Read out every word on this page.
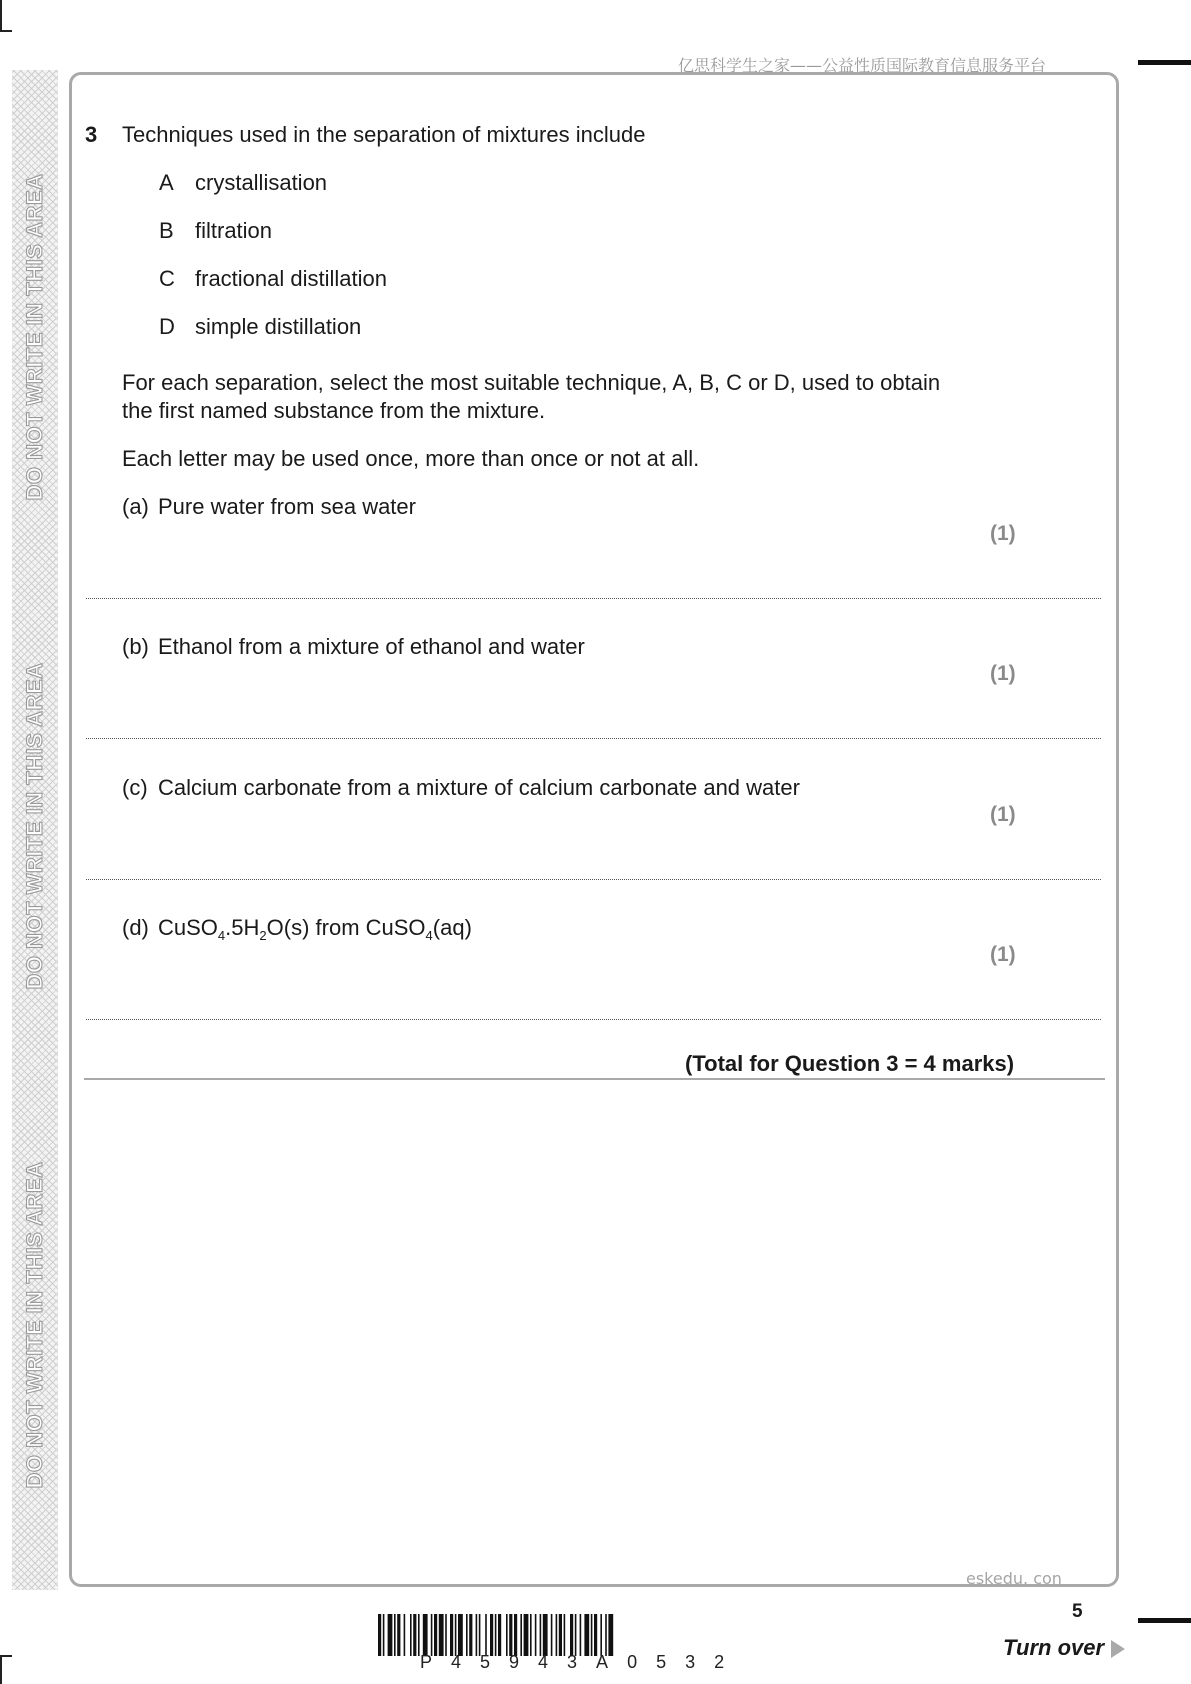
亿思科学生之家——公益性质国际教育信息服务平台
DO NOT WRITE IN THIS AREA
DO NOT WRITE IN THIS AREA
DO NOT WRITE IN THIS AREA
3 Techniques used in the separation of mixtures include
A crystallisation
B filtration
C fractional distillation
D simple distillation
For each separation, select the most suitable technique, A, B, C or D, used to obtain
the first named substance from the mixture.
Each letter may be used once, more than once or not at all.
(a) Pure water from sea water
(1)
(b) Ethanol from a mixture of ethanol and water
(1)
(c) Calcium carbonate from a mixture of calcium carbonate and water
(1)
(d) $CuSO_4.5H_2O(s)$ from CuSO$_4$(aq)
(1)
(Total for Question 3 = 4 marks)
eskedu. con
5
Turn over
P45943A0532
